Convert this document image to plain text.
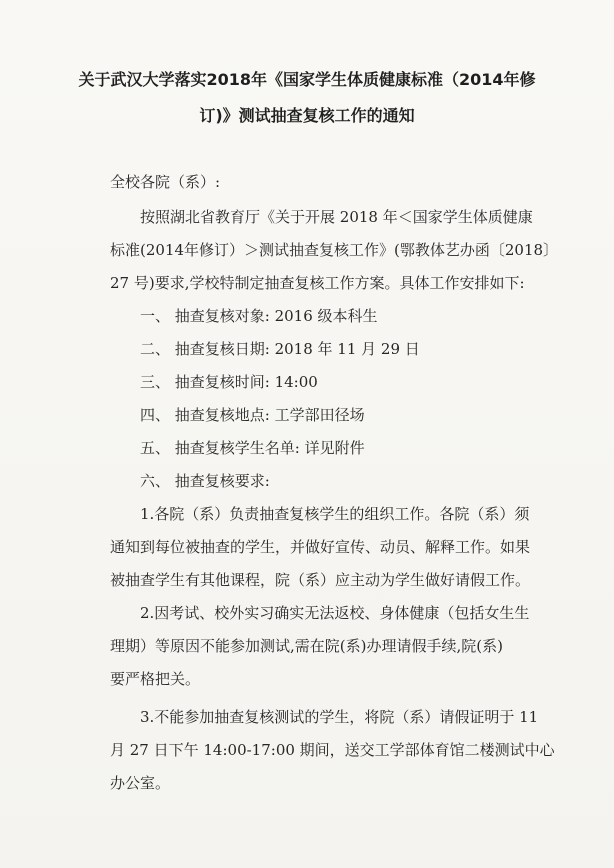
关于武汉大学落实2018年《国家学生体质健康标准（2014年修
订)》测试抽查复核工作的通知
全校各院（系）:
按照湖北省教育厅《关于开展 2018 年＜国家学生体质健康
标准(2014年修订）＞测试抽查复核工作》(鄂教体艺办函〔2018〕
27 号)要求,学校特制定抽查复核工作方案。具体工作安排如下:
一、 抽查复核对象: 2016 级本科生
二、 抽查复核日期: 2018 年 11 月 29 日
三、 抽查复核时间: 14:00
四、 抽查复核地点: 工学部田径场
五、 抽查复核学生名单: 详见附件
六、 抽查复核要求:
1.各院（系）负责抽查复核学生的组织工作。各院（系）须
通知到每位被抽查的学生，并做好宣传、动员、解释工作。如果
被抽查学生有其他课程，院（系）应主动为学生做好请假工作。
2.因考试、校外实习确实无法返校、身体健康（包括女生生
理期）等原因不能参加测试,需在院(系)办理请假手续,院(系)
要严格把关。
3.不能参加抽查复核测试的学生，将院（系）请假证明于 11
月 27 日下午 14:00-17:00 期间，送交工学部体育馆二楼测试中心
办公室。
